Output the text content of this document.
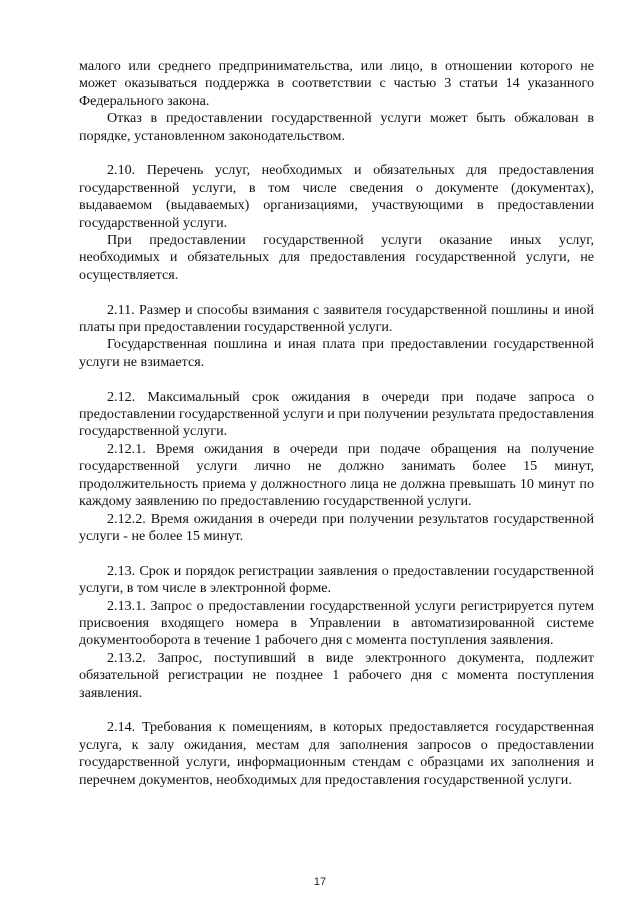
малого или среднего предпринимательства, или лицо, в отношении которого не может оказываться поддержка в соответствии с частью 3 статьи 14 указанного Федерального закона.

Отказ в предоставлении государственной услуги может быть обжалован в порядке, установленном законодательством.

2.10. Перечень услуг, необходимых и обязательных для предоставления государственной услуги, в том числе сведения о документе (документах), выдаваемом (выдаваемых) организациями, участвующими в предоставлении государственной услуги.

При предоставлении государственной услуги оказание иных услуг, необходимых и обязательных для предоставления государственной услуги, не осуществляется.

2.11. Размер и способы взимания с заявителя государственной пошлины и иной платы при предоставлении государственной услуги.

Государственная пошлина и иная плата при предоставлении государственной услуги не взимается.

2.12. Максимальный срок ожидания в очереди при подаче запроса о предоставлении государственной услуги и при получении результата предоставления государственной услуги.

2.12.1. Время ожидания в очереди при подаче обращения на получение государственной услуги лично не должно занимать более 15 минут, продолжительность приема у должностного лица не должна превышать 10 минут по каждому заявлению по предоставлению государственной услуги.

2.12.2. Время ожидания в очереди при получении результатов государственной услуги - не более 15 минут.

2.13. Срок и порядок регистрации заявления о предоставлении государственной услуги, в том числе в электронной форме.

2.13.1. Запрос о предоставлении государственной услуги регистрируется путем присвоения входящего номера в Управлении в автоматизированной системе документооборота в течение 1 рабочего дня с момента поступления заявления.

2.13.2. Запрос, поступивший в виде электронного документа, подлежит обязательной регистрации не позднее 1 рабочего дня с момента поступления заявления.

2.14. Требования к помещениям, в которых предоставляется государственная услуга, к залу ожидания, местам для заполнения запросов о предоставлении государственной услуги, информационным стендам с образцами их заполнения и перечнем документов, необходимых для предоставления государственной услуги.

17
